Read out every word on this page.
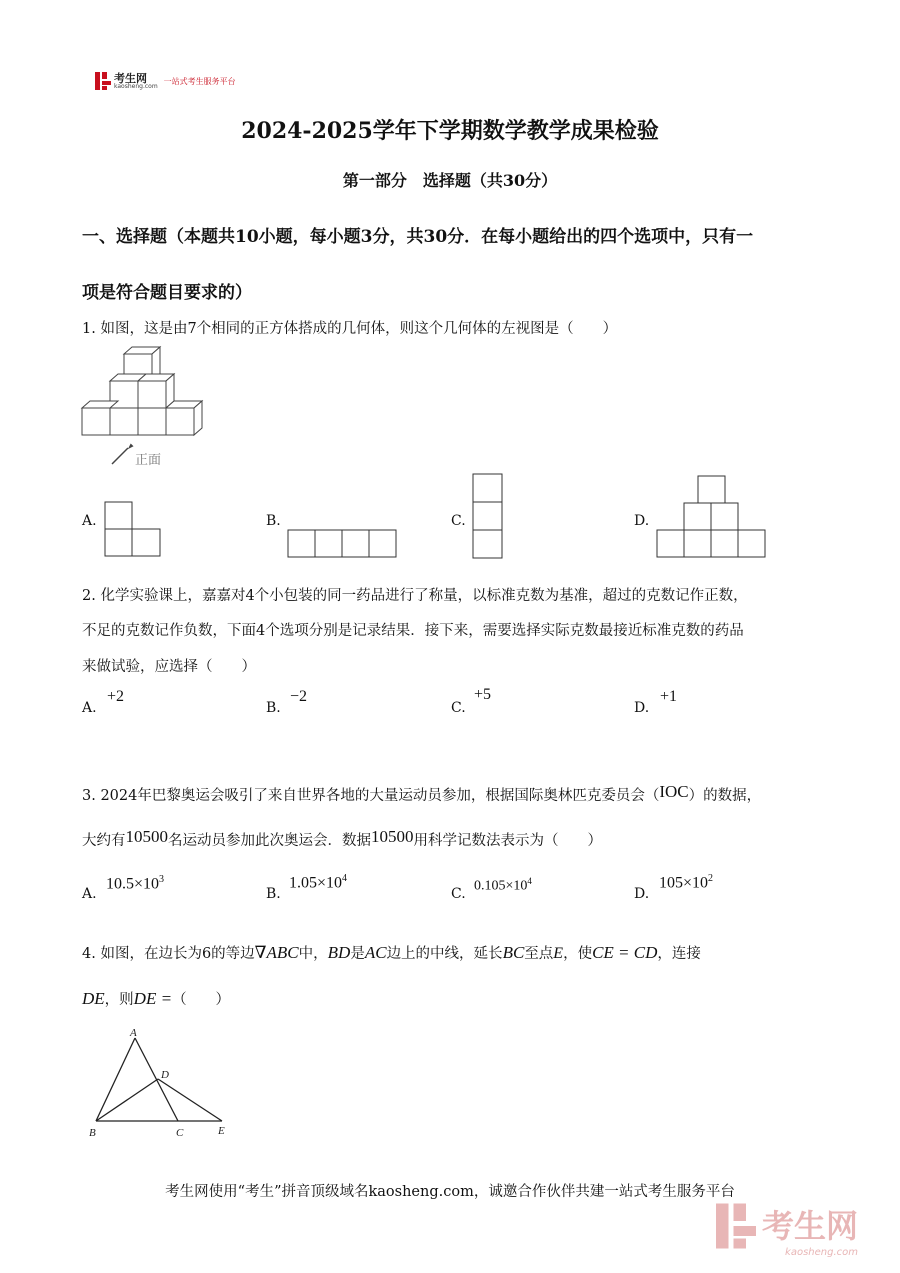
考生网
kaosheng.com
一站式考生服务平台
2024-2025学年下学期数学教学成果检验
第一部分　选择题（共30分）
一、选择题（本题共10小题，每小题3分，共30分．在每小题给出的四个选项中，只有一
项是符合题目要求的）
1. 如图，这是由7个相同的正方体搭成的几何体，则这个几何体的左视图是（　　）
正面
A.	B.	C.	D.
2. 化学实验课上，嘉嘉对4个小包装的同一药品进行了称量，以标准克数为基准，超过的克数记作正数，
不足的克数记作负数，下面4个选项分别是记录结果．接下来，需要选择实际克数最接近标准克数的药品
来做试验，应选择（　　）
A.
+2
B.
−2
C.
+5
D.
+1
3. 2024年巴黎奥运会吸引了来自世界各地的大量运动员参加，根据国际奥林匹克委员会（IOC）的数据，
大约有10500名运动员参加此次奥运会．数据10500用科学记数法表示为（　　）
A.
$10.5\times 10^3$
B.
$1.05\times 10^4$
C. $0.105\times 10^4$
D.
$105\times 10^2$
4. 如图，在边长为6的等边∇ABC中，BD是AC边上的中线，延长BC至点E，使CE = CD，连接
DE，则DE =（　　）
A
D
B	C	E
考生网使用“考生”拼音顶级域名kaosheng.com，诚邀合作伙伴共建一站式考生服务平台
考生网
kaosheng.com
